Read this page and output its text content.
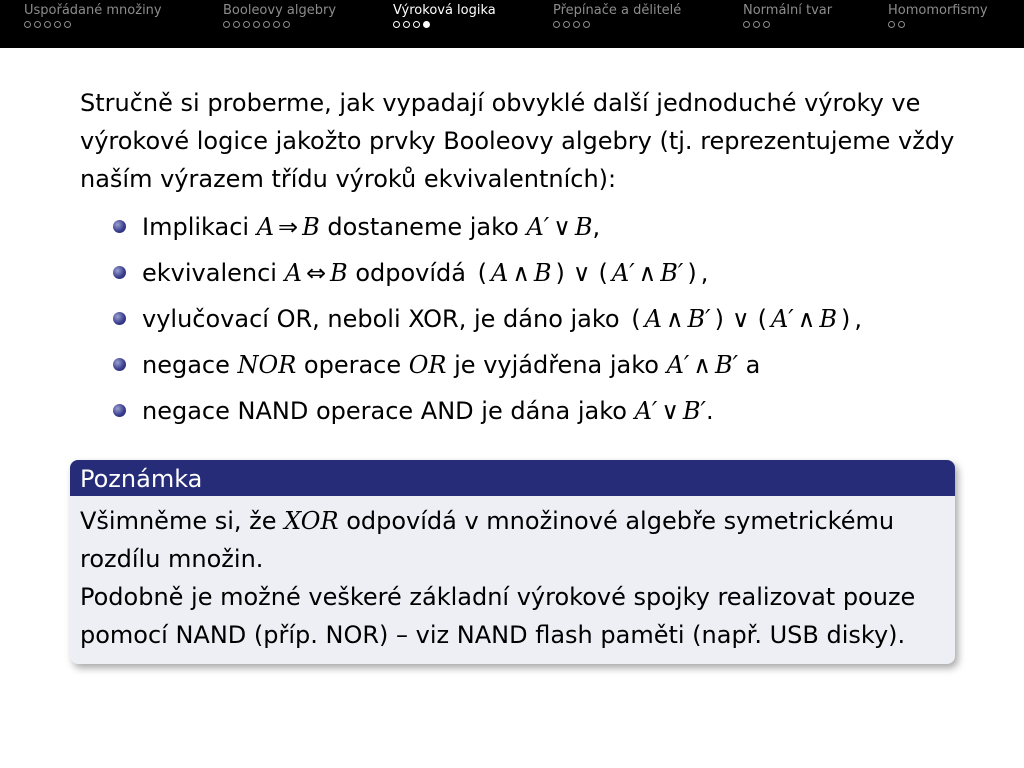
Uspořádané množiny	Booleovy algebry	Výroková logika	Přepínače a dělitelé	Normální tvar	Homomorfismy

Stručně si proberme, jak vypadají obvyklé další jednoduché výroky ve výrokové logice jakožto prvky Booleovy algebry (tj. reprezentujeme vždy naším výrazem třídu výroků ekvivalentních):

Implikaci A ⇒ B dostaneme jako A′ ∨ B,
ekvivalenci A ⇔ B odpovídá ( A ∧ B ) ∨ ( A′ ∧ B′ ) ,
vylučovací OR, neboli XOR, je dáno jako ( A ∧ B′ ) ∨ ( A′ ∧ B ) ,
negace NOR operace OR je vyjádřena jako A′ ∧ B′ a
negace NAND operace AND je dána jako A′ ∨ B′.
Poznámka

Všimněme si, že XOR odpovídá v množinové algebře symetrickému rozdílu množin.

Podobně je možné veškeré základní výrokové spojky realizovat pouze pomocí NAND (příp. NOR) – viz NAND flash paměti (např. USB disky).
